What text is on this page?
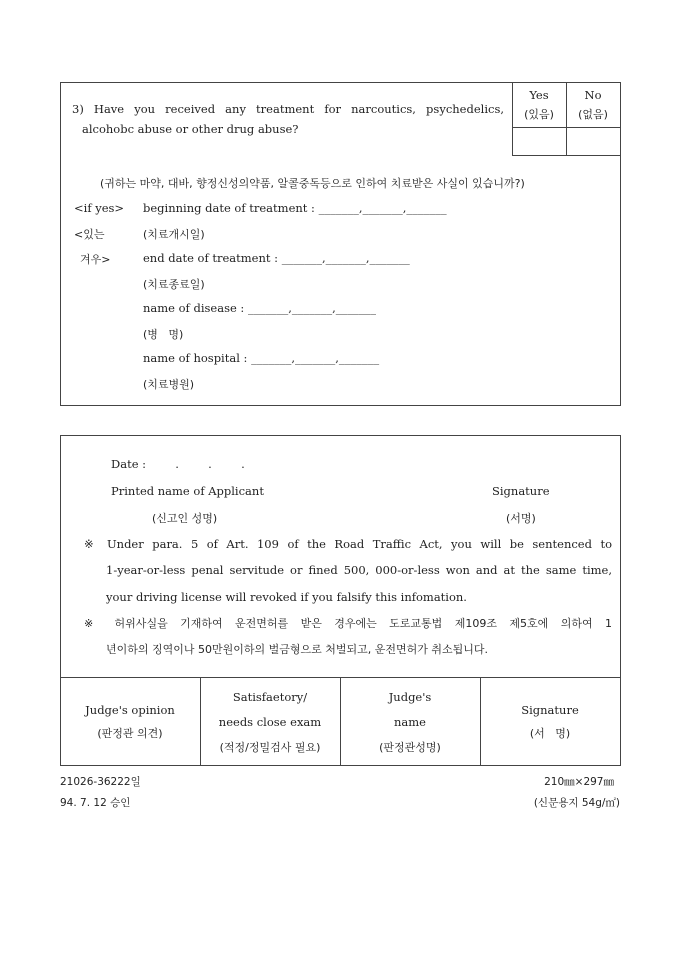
3) Have you received any treatment for narcoutics, psychedelics,
alcohobc abuse or other drug abuse?
Yes
(있음)
No
(없음)
(귀하는 마약, 대바, 향정신성의약품, 알콜중독등으로 인하여 치료받은 사실이 있습니까?)
<if yes>
<있는
겨우>
beginning date of treatment : _______,_______,_______
(치료개시일)
end date of treatment : _______,_______,_______
(치료종료일)
name of disease : _______,_______,_______
(병   명)
name of hospital : _______,_______,_______
(치료병원)
Date :        .        .        .
Printed name of Applicant
(신고인 성명)
Signature
(서명)
※ Under para. 5 of Art. 109 of the Road Traffic Act, you will be sentenced to
1-year-or-less penal servitude or fined 500, 000-or-less won and at the same time,
your driving license will revoked if you falsify this infomation.
※ 허위사실을 기재하여 운전면허를 받은 경우에는 도로교통법 제109조 제5호에 의하여 1
년이하의 징역이나 50만원이하의 벌금형으로 처벌되고, 운전면허가 취소됩니다.
Judge's opinion
(판정관 의견)
Satisfaetory/
needs close exam
(적정/정밀검사 필요)
Judge's
name
(판정관성명)
Signature
(서   명)
21026-36222일
94. 7. 12 승인
210㎜×297㎜
(신문용지 54g/㎡)
